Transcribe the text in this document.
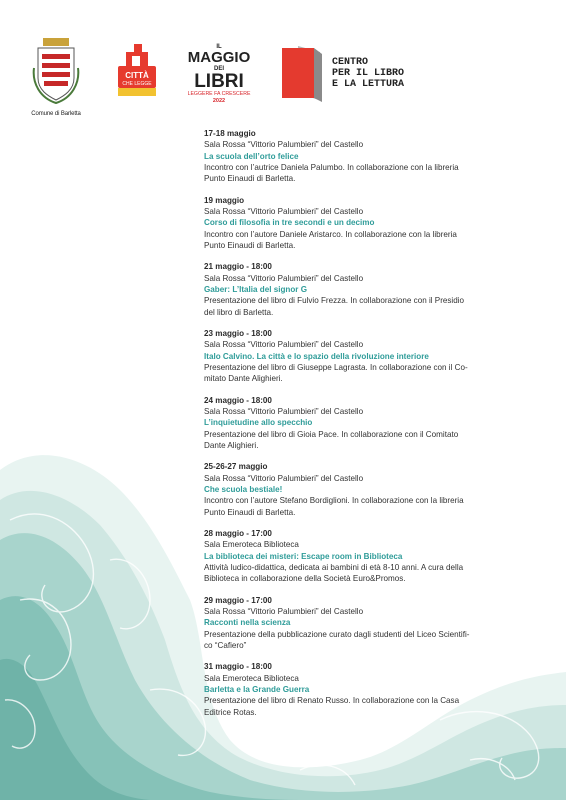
Comune di Barletta
CITTÀ
CHE LEGGE
IL
MAGGIO
DEI
LIBRI
LEGGERE FA CRESCERE
2022
CENTRO
PER IL LIBRO
E LA LETTURA
17-18 maggio
Sala Rossa “Vittorio Palumbieri” del Castello
La scuola dell’orto felice
Incontro con l’autrice Daniela Palumbo. In collaborazione con la libreria
Punto Einaudi di Barletta.
19 maggio
Sala Rossa “Vittorio Palumbieri” del Castello
Corso di filosofia in tre secondi e un decimo
Incontro con l’autore Daniele Aristarco. In collaborazione con la libreria
Punto Einaudi di Barletta.
21 maggio - 18:00
Sala Rossa “Vittorio Palumbieri” del Castello
Gaber: L’Italia del signor G
Presentazione del libro di Fulvio Frezza. In collaborazione con il Presidio
del libro di Barletta.
23 maggio - 18:00
Sala Rossa “Vittorio Palumbieri” del Castello
Italo Calvino. La città e lo spazio della rivoluzione interiore
Presentazione del libro di Giuseppe Lagrasta. In collaborazione con il Co-
mitato Dante Alighieri.
24 maggio - 18:00
Sala Rossa “Vittorio Palumbieri” del Castello
L’inquietudine allo specchio
Presentazione del libro di Gioia Pace. In collaborazione con il Comitato
Dante Alighieri.
25-26-27 maggio
Sala Rossa “Vittorio Palumbieri” del Castello
Che scuola bestiale!
Incontro con l’autore Stefano Bordiglioni. In collaborazione con la libreria
Punto Einaudi di Barletta.
28 maggio - 17:00
Sala Emeroteca Biblioteca
La biblioteca dei misteri: Escape room in Biblioteca
Attività ludico-didattica, dedicata ai bambini di età 8-10 anni. A cura della
Biblioteca in collaborazione della Società Euro&Promos.
29 maggio - 17:00
Sala Rossa “Vittorio Palumbieri” del Castello
Racconti nella scienza
Presentazione della pubblicazione curato dagli studenti del Liceo Scientifi-
co “Cafiero”
31 maggio - 18:00
Sala Emeroteca Biblioteca
Barletta e la Grande Guerra
Presentazione del libro di Renato Russo. In collaborazione con la Casa
Editrice Rotas.
